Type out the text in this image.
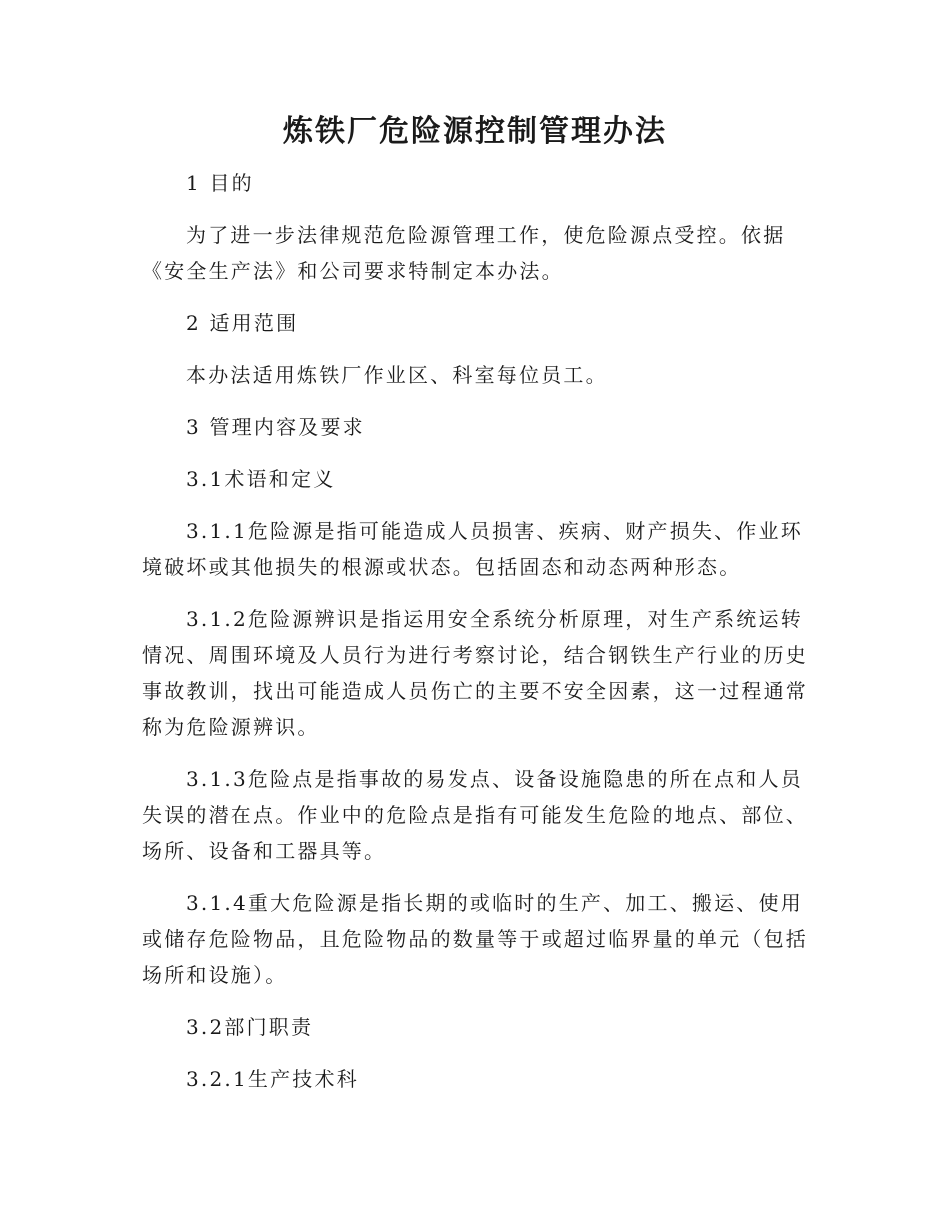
炼铁厂危险源控制管理办法
1 目的
为了进一步法律规范危险源管理工作，使危险源点受控。依据《安全生产法》和公司要求特制定本办法。
2 适用范围
本办法适用炼铁厂作业区、科室每位员工。
3 管理内容及要求
3.1术语和定义
3.1.1危险源是指可能造成人员损害、疾病、财产损失、作业环境破坏或其他损失的根源或状态。包括固态和动态两种形态。
3.1.2危险源辨识是指运用安全系统分析原理，对生产系统运转情况、周围环境及人员行为进行考察讨论，结合钢铁生产行业的历史事故教训，找出可能造成人员伤亡的主要不安全因素，这一过程通常称为危险源辨识。
3.1.3危险点是指事故的易发点、设备设施隐患的所在点和人员失误的潜在点。作业中的危险点是指有可能发生危险的地点、部位、场所、设备和工器具等。
3.1.4重大危险源是指长期的或临时的生产、加工、搬运、使用或储存危险物品，且危险物品的数量等于或超过临界量的单元（包括场所和设施）。
3.2部门职责
3.2.1生产技术科
